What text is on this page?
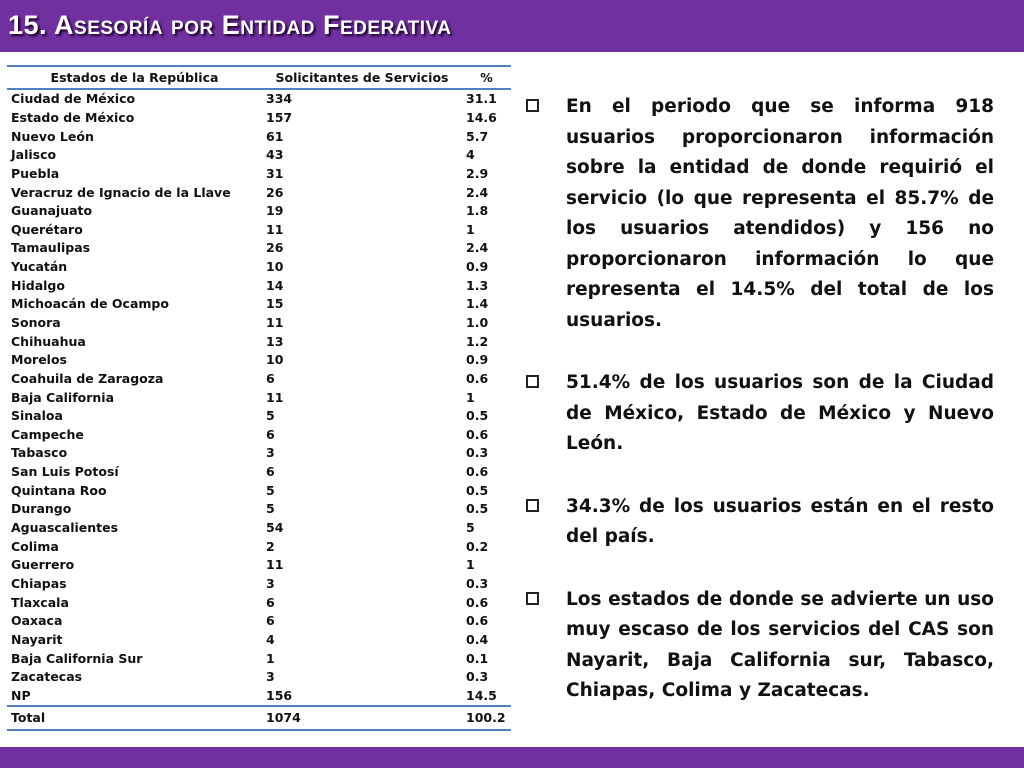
15. Asesoría por Entidad Federativa
Estados de la República	Solicitantes de Servicios	%
Ciudad de México	334	31.1
Estado de México	157	14.6
Nuevo León	61	5.7
Jalisco	43	4
Puebla	31	2.9
Veracruz de Ignacio de la Llave	26	2.4
Guanajuato	19	1.8
Querétaro	11	1
Tamaulipas	26	2.4
Yucatán	10	0.9
Hidalgo	14	1.3
Michoacán de Ocampo	15	1.4
Sonora	11	1.0
Chihuahua	13	1.2
Morelos	10	0.9
Coahuila de Zaragoza	6	0.6
Baja California	11	1
Sinaloa	5	0.5
Campeche	6	0.6
Tabasco	3	0.3
San Luis Potosí	6	0.6
Quintana Roo	5	0.5
Durango	5	0.5
Aguascalientes	54	5
Colima	2	0.2
Guerrero	11	1
Chiapas	3	0.3
Tlaxcala	6	0.6
Oaxaca	6	0.6
Nayarit	4	0.4
Baja California Sur	1	0.1
Zacatecas	3	0.3
NP	156	14.5
Total	1074	100.2
En el periodo que se informa 918 usuarios proporcionaron información sobre la entidad de donde requirió el servicio (lo que representa el 85.7% de los usuarios atendidos) y 156 no proporcionaron información lo que representa el 14.5% del total de los usuarios.
51.4% de los usuarios son de la Ciudad de México, Estado de México y Nuevo León.
34.3% de los usuarios están en el resto del país.
Los estados de donde se advierte un uso muy escaso de los servicios del CAS son Nayarit, Baja California sur, Tabasco, Chiapas, Colima y Zacatecas.
